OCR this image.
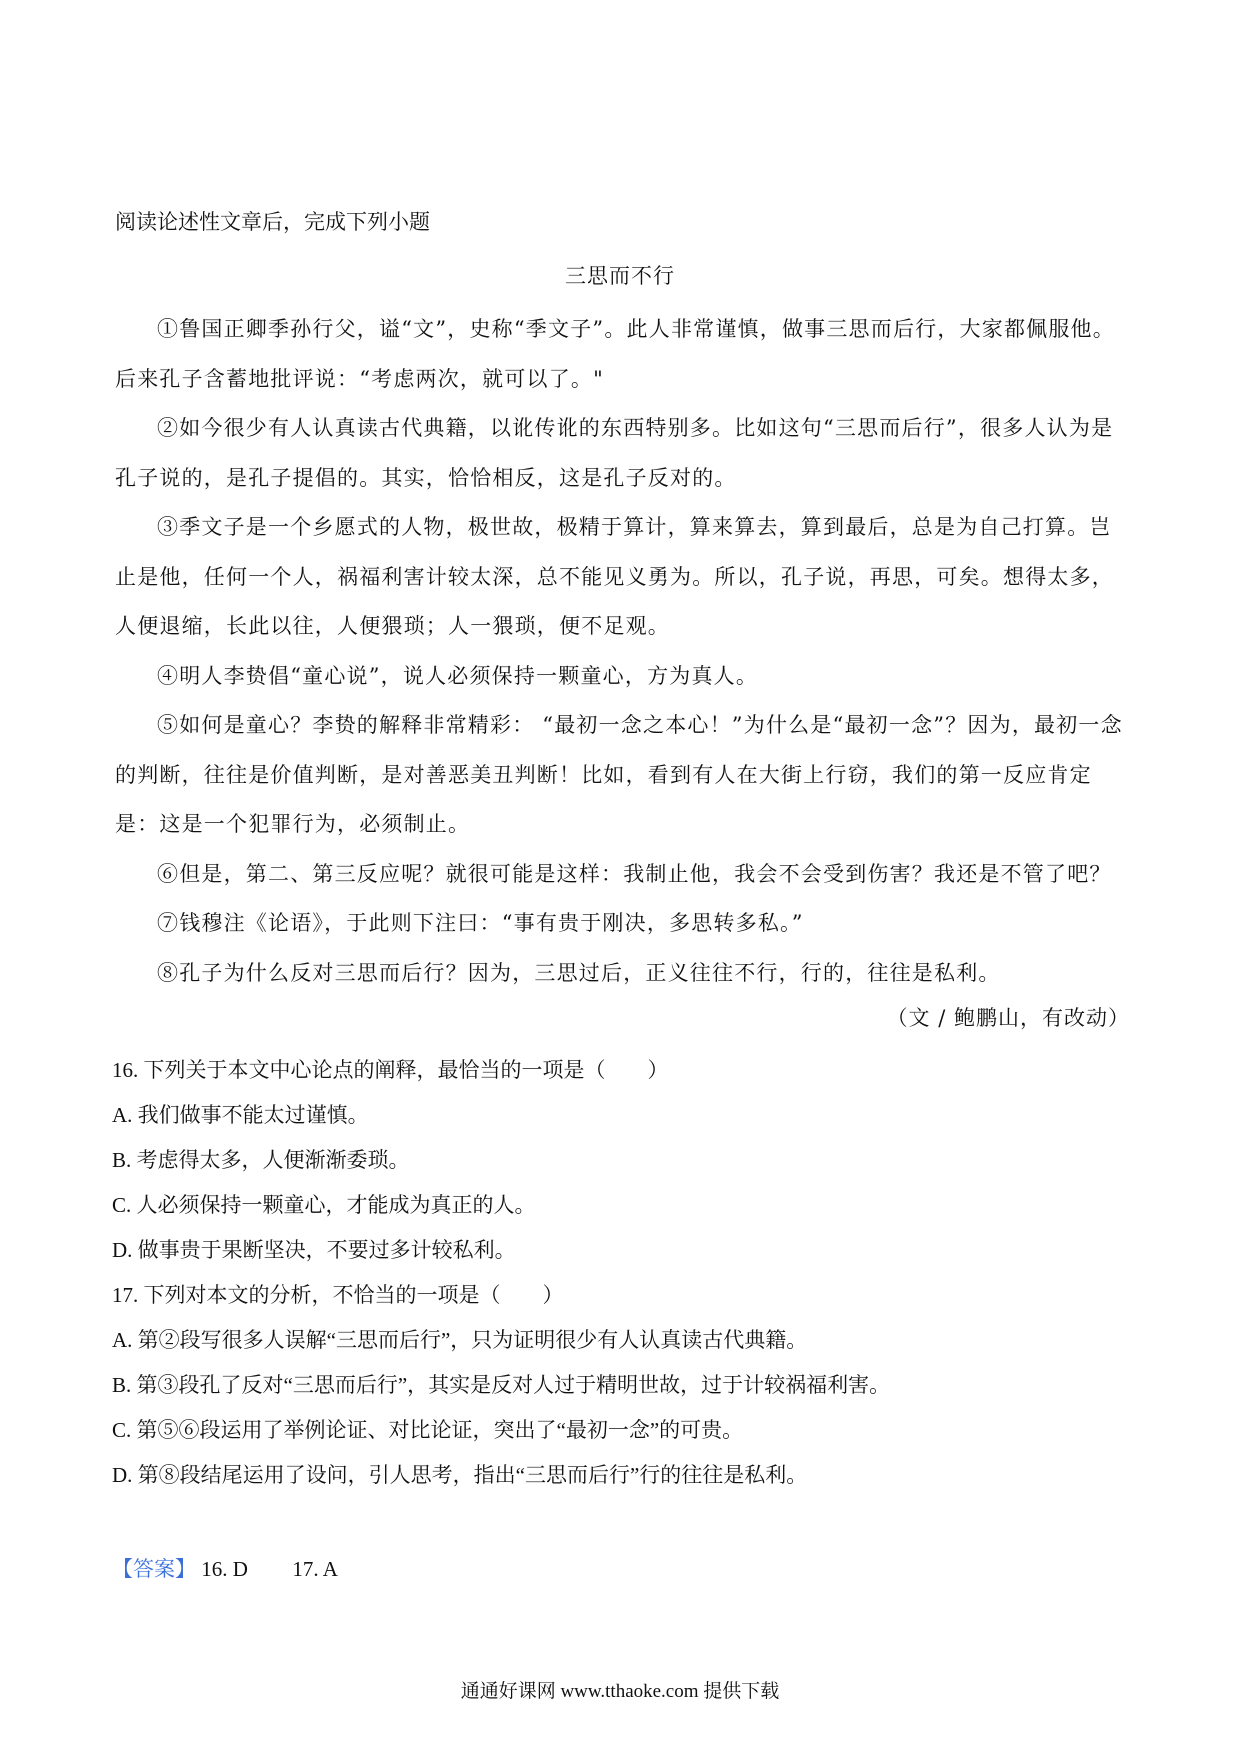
阅读论述性文章后，完成下列小题
三思而不行

①鲁国正卿季孙行父，谥“文”，史称“季文子”。此人非常谨慎，做事三思而后行，大家都佩服他。后来孔子含蓄地批评说：“考虑两次，就可以了。"

②如今很少有人认真读古代典籍，以讹传讹的东西特别多。比如这句“三思而后行”，很多人认为是孔子说的，是孔子提倡的。其实，恰恰相反，这是孔子反对的。

③季文子是一个乡愿式的人物，极世故，极精于算计，算来算去，算到最后，总是为自己打算。岂止是他，任何一个人，祸福利害计较太深，总不能见义勇为。所以，孔子说，再思，可矣。想得太多，人便退缩，长此以往，人便猥琐；人一猥琐，便不足观。

④明人李贽倡“童心说”，说人必须保持一颗童心，方为真人。

⑤如何是童心？李贽的解释非常精彩： “最初一念之本心！”为什么是“最初一念”？因为，最初一念的判断，往往是价值判断，是对善恶美丑判断！比如，看到有人在大街上行窃，我们的第一反应肯定是：这是一个犯罪行为，必须制止。

⑥但是，第二、第三反应呢？就很可能是这样：我制止他，我会不会受到伤害？我还是不管了吧？

⑦钱穆注《论语》，于此则下注曰：“事有贵于刚决，多思转多私。”

⑧孔子为什么反对三思而后行？因为，三思过后，正义往往不行，行的，往往是私利。

（文 / 鲍鹏山，有改动）
16. 下列关于本文中心论点的阐释，最恰当的一项是（　　）
A. 我们做事不能太过谨慎。
B. 考虑得太多，人便渐渐委琐。
C. 人必须保持一颗童心，才能成为真正的人。
D. 做事贵于果断坚决，不要过多计较私利。
17. 下列对本文的分析，不恰当的一项是（　　）
A. 第②段写很多人误解“三思而后行”，只为证明很少有人认真读古代典籍。
B. 第③段孔了反对“三思而后行”，其实是反对人过于精明世故，过于计较祸福利害。
C. 第⑤⑥段运用了举例论证、对比论证，突出了“最初一念”的可贵。
D. 第⑧段结尾运用了设问，引人思考，指出“三思而后行”行的往往是私利。
【答案】 16. D 17. A
通通好课网 www.tthaoke.com 提供下载
